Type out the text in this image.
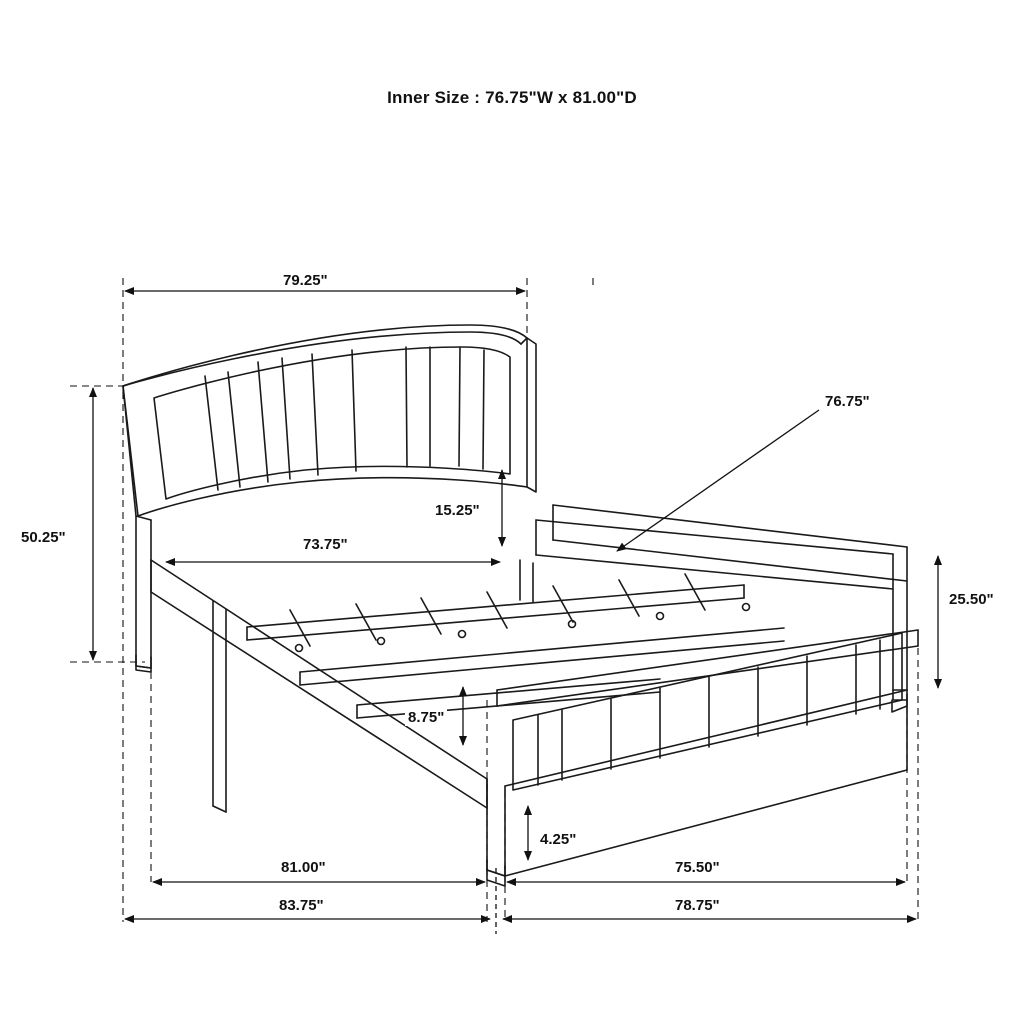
Inner Size : 76.75"W x 81.00"D
79.25"
50.25"
15.25"
73.75"
76.75"
25.50"
8.75"
4.25"
81.00"	75.50"
83.75"	78.75"
